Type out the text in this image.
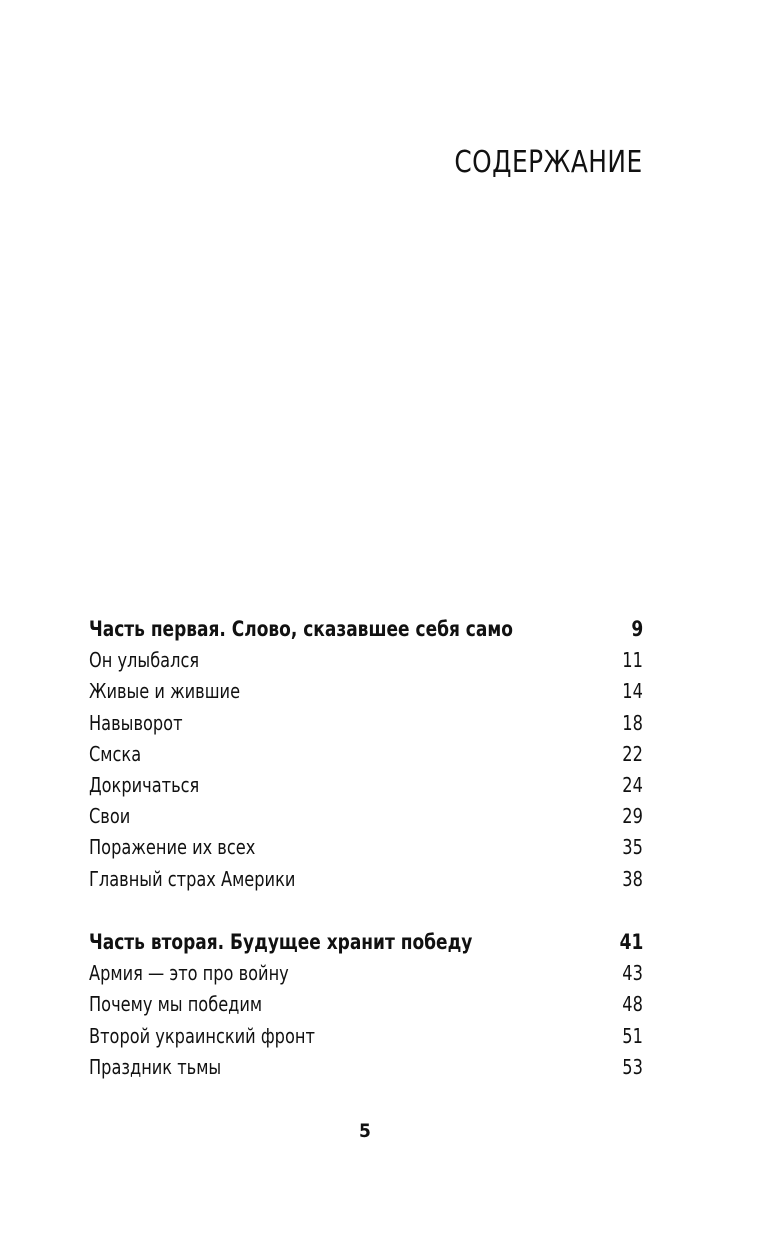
СОДЕРЖАНИЕ
Часть первая. Слово, сказавшее себя само	9
Он улыбался	11
Живые и жившие	14
Навыворот	18
Смска	22
Докричаться	24
Свои	29
Поражение их всех	35
Главный страх Америки	38
Часть вторая. Будущее хранит победу	41
Армия — это про войну	43
Почему мы победим	48
Второй украинский фронт	51
Праздник тьмы	53
5
